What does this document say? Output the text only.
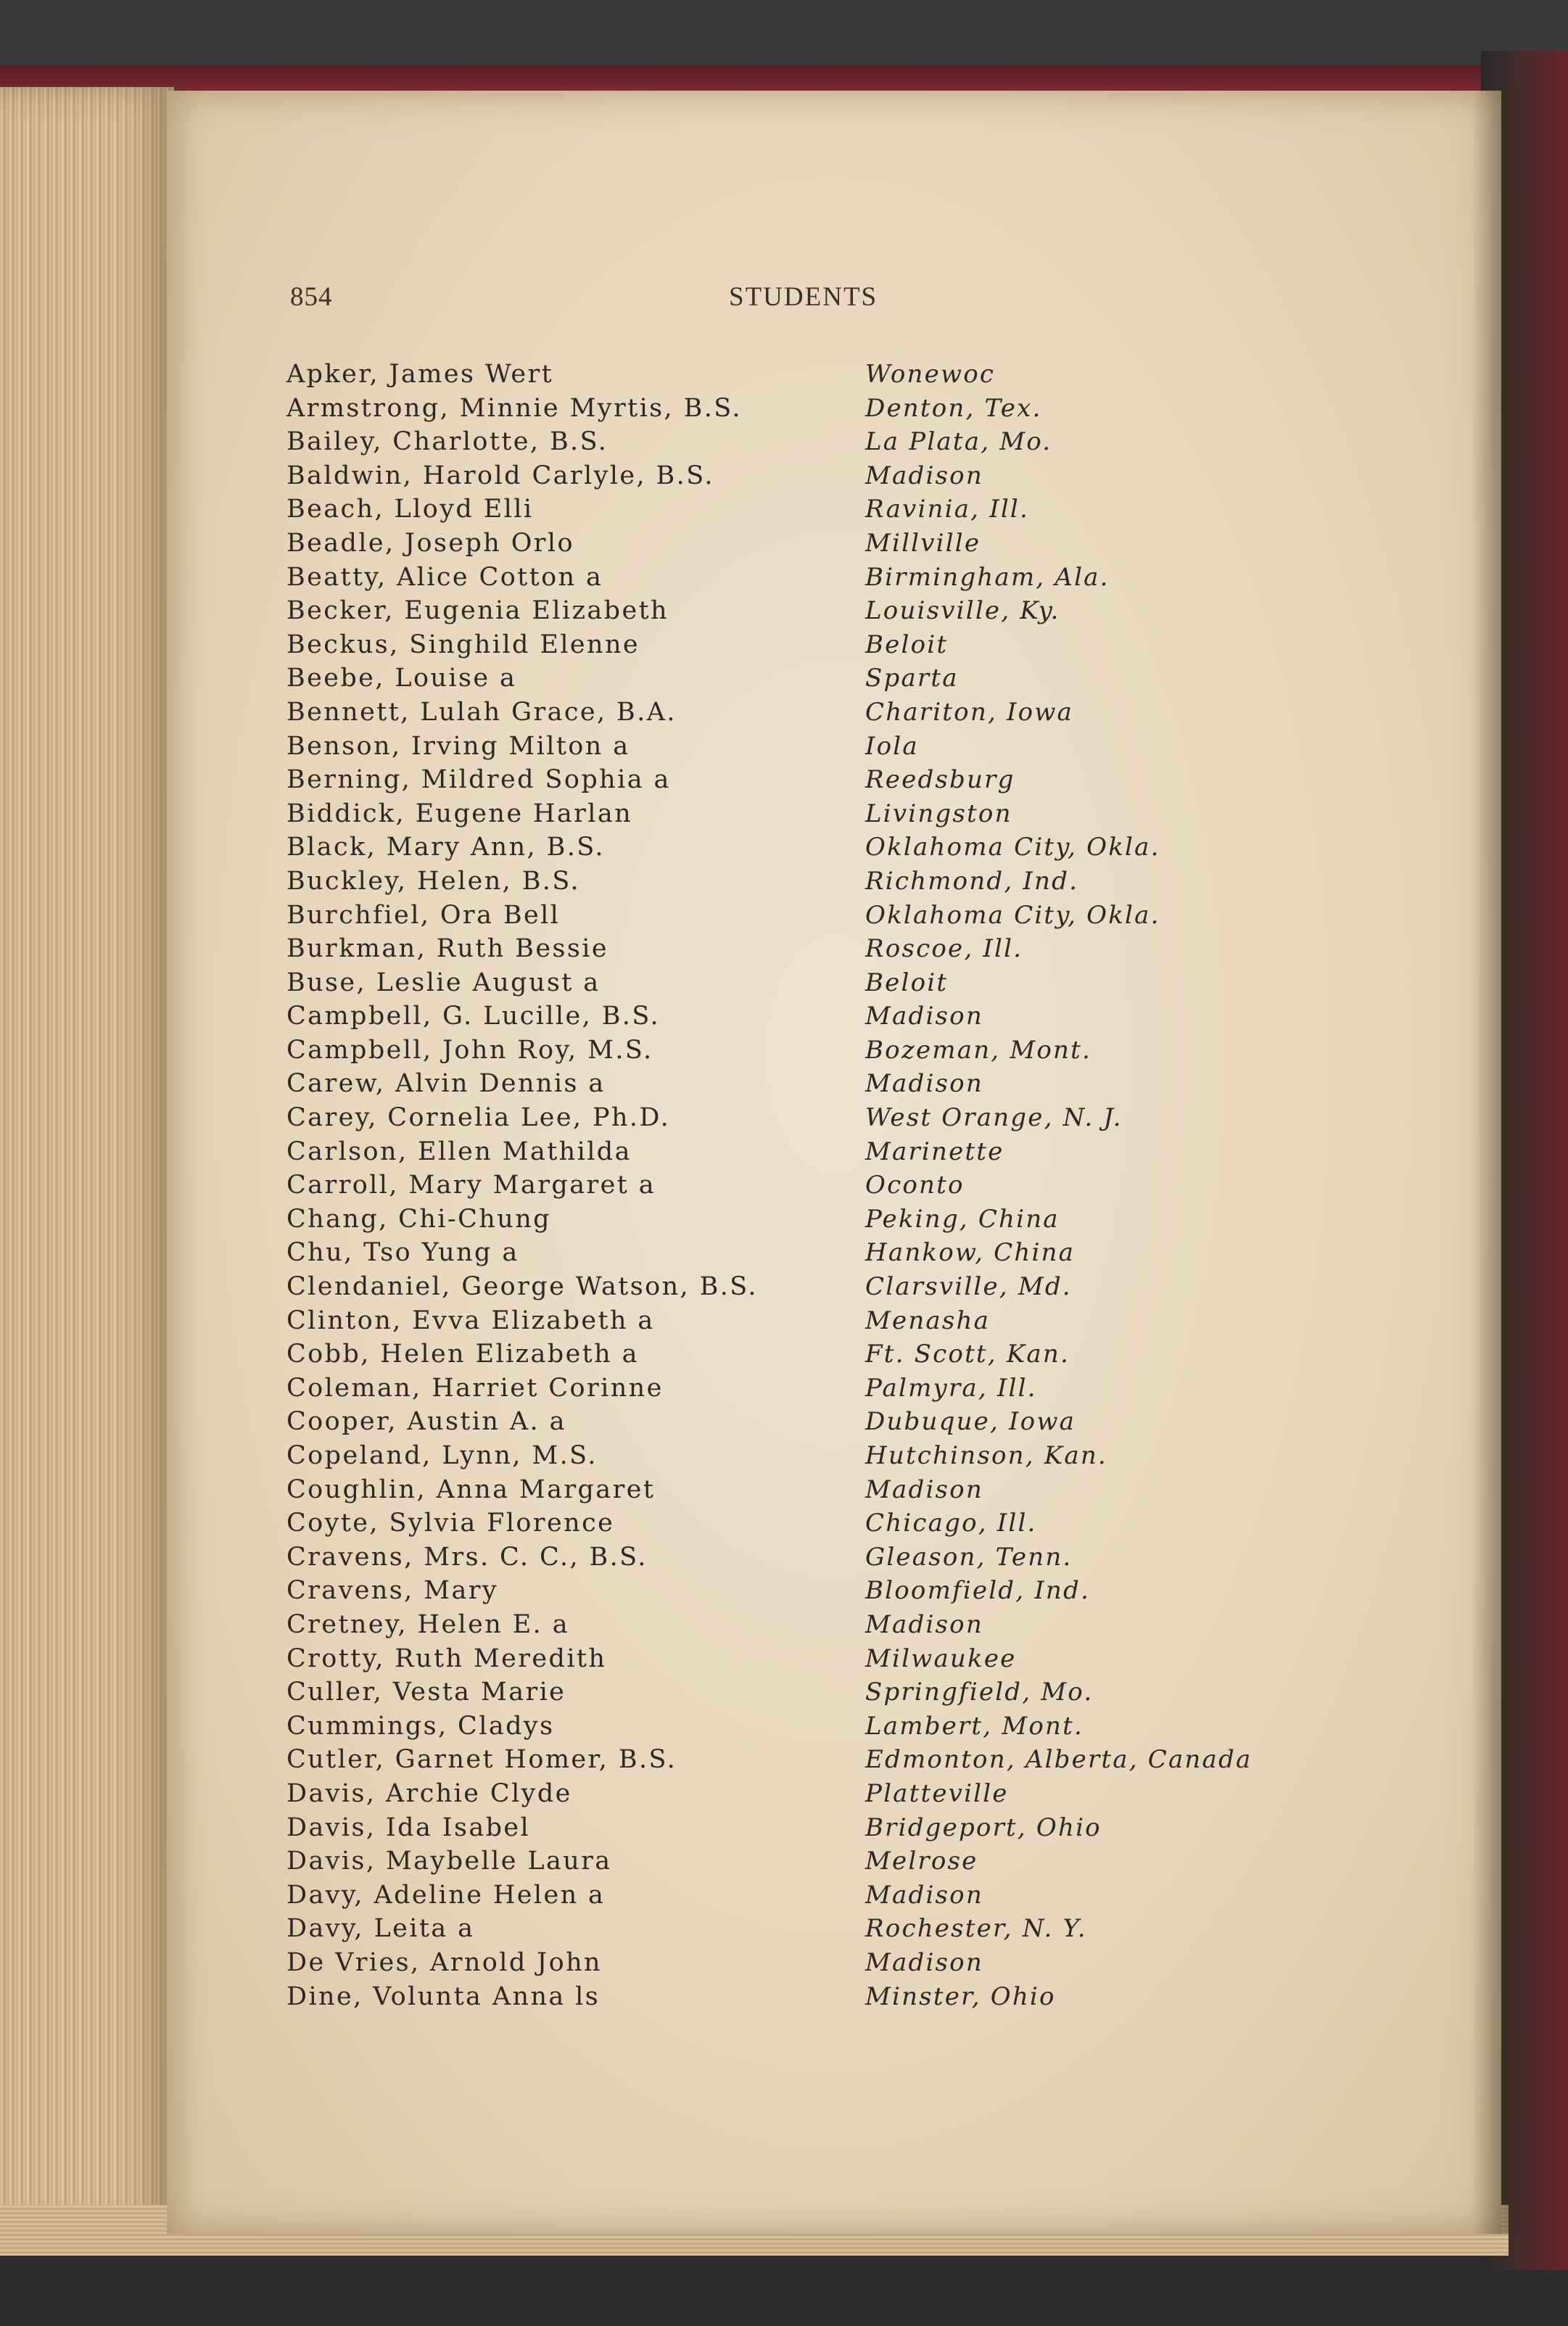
854	STUDENTS
Apker, James Wert	Wonewoc
Armstrong, Minnie Myrtis, B.S.	Denton, Tex.
Bailey, Charlotte, B.S.	La Plata, Mo.
Baldwin, Harold Carlyle, B.S.	Madison
Beach, Lloyd Elli	Ravinia, Ill.
Beadle, Joseph Orlo	Millville
Beatty, Alice Cotton a	Birmingham, Ala.
Becker, Eugenia Elizabeth	Louisville, Ky.
Beckus, Singhild Elenne	Beloit
Beebe, Louise a	Sparta
Bennett, Lulah Grace, B.A.	Chariton, Iowa
Benson, Irving Milton a	Iola
Berning, Mildred Sophia a	Reedsburg
Biddick, Eugene Harlan	Livingston
Black, Mary Ann, B.S.	Oklahoma City, Okla.
Buckley, Helen, B.S.	Richmond, Ind.
Burchfiel, Ora Bell	Oklahoma City, Okla.
Burkman, Ruth Bessie	Roscoe, Ill.
Buse, Leslie August a	Beloit
Campbell, G. Lucille, B.S.	Madison
Campbell, John Roy, M.S.	Bozeman, Mont.
Carew, Alvin Dennis a	Madison
Carey, Cornelia Lee, Ph.D.	West Orange, N. J.
Carlson, Ellen Mathilda	Marinette
Carroll, Mary Margaret a	Oconto
Chang, Chi-Chung	Peking, China
Chu, Tso Yung a	Hankow, China
Clendaniel, George Watson, B.S.	Clarsville, Md.
Clinton, Evva Elizabeth a	Menasha
Cobb, Helen Elizabeth a	Ft. Scott, Kan.
Coleman, Harriet Corinne	Palmyra, Ill.
Cooper, Austin A. a	Dubuque, Iowa
Copeland, Lynn, M.S.	Hutchinson, Kan.
Coughlin, Anna Margaret	Madison
Coyte, Sylvia Florence	Chicago, Ill.
Cravens, Mrs. C. C., B.S.	Gleason, Tenn.
Cravens, Mary	Bloomfield, Ind.
Cretney, Helen E. a	Madison
Crotty, Ruth Meredith	Milwaukee
Culler, Vesta Marie	Springfield, Mo.
Cummings, Cladys	Lambert, Mont.
Cutler, Garnet Homer, B.S.	Edmonton, Alberta, Canada
Davis, Archie Clyde	Platteville
Davis, Ida Isabel	Bridgeport, Ohio
Davis, Maybelle Laura	Melrose
Davy, Adeline Helen a	Madison
Davy, Leita a	Rochester, N. Y.
De Vries, Arnold John	Madison
Dine, Volunta Anna ls	Minster, Ohio
